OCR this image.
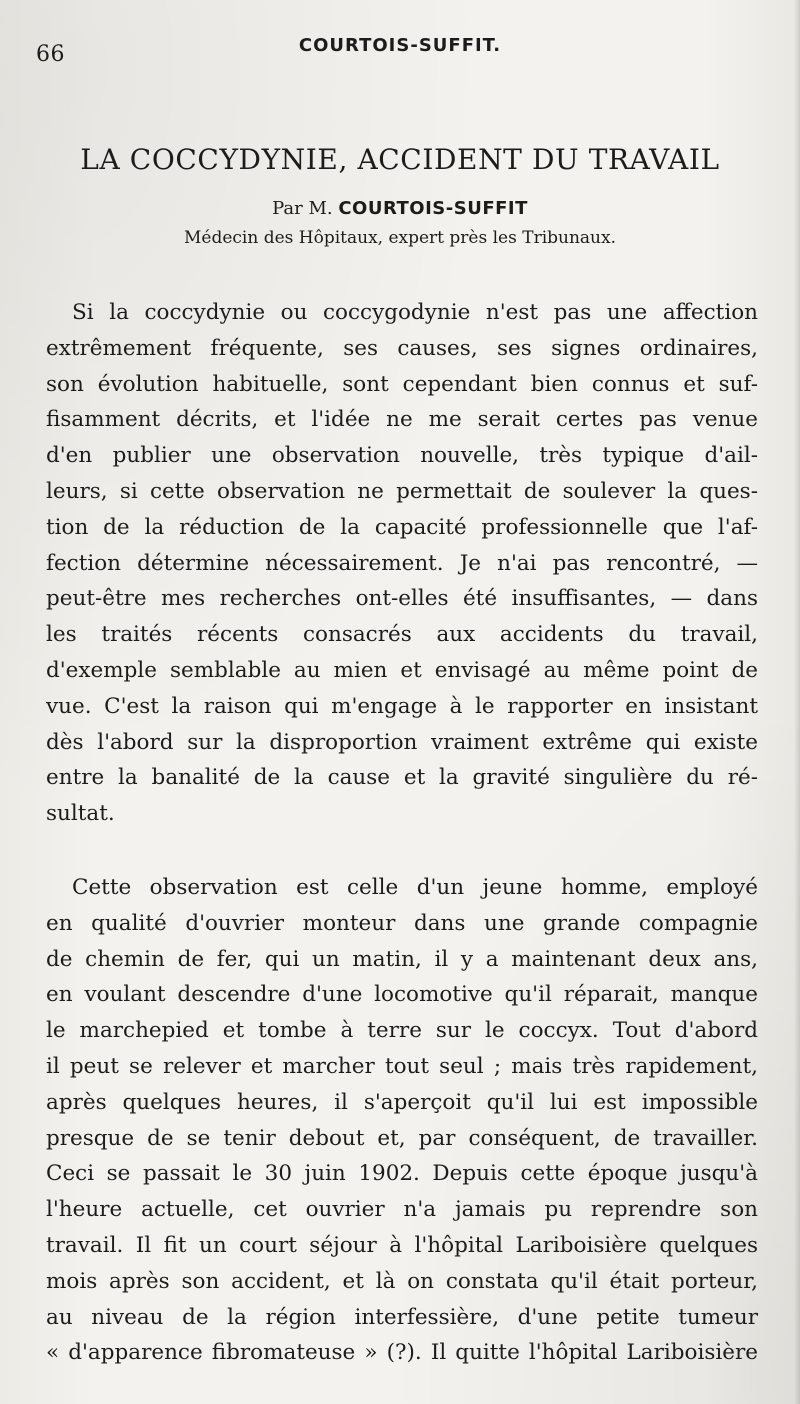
66	COURTOIS-SUFFIT.
LA COCCYDYNIE, ACCIDENT DU TRAVAIL
Par M. COURTOIS-SUFFIT
Médecin des Hôpitaux, expert près les Tribunaux.
Si la coccydynie ou coccygodynie n'est pas une affection
extrêmement fréquente, ses causes, ses signes ordinaires,
son évolution habituelle, sont cependant bien connus et suf-
fisamment décrits, et l'idée ne me serait certes pas venue
d'en publier une observation nouvelle, très typique d'ail-
leurs, si cette observation ne permettait de soulever la ques-
tion de la réduction de la capacité professionnelle que l'af-
fection détermine nécessairement. Je n'ai pas rencontré, —
peut-être mes recherches ont-elles été insuffisantes, — dans
les traités récents consacrés aux accidents du travail,
d'exemple semblable au mien et envisagé au même point de
vue. C'est la raison qui m'engage à le rapporter en insistant
dès l'abord sur la disproportion vraiment extrême qui existe
entre la banalité de la cause et la gravité singulière du ré-
sultat.
Cette observation est celle d'un jeune homme, employé
en qualité d'ouvrier monteur dans une grande compagnie
de chemin de fer, qui un matin, il y a maintenant deux ans,
en voulant descendre d'une locomotive qu'il réparait, manque
le marchepied et tombe à terre sur le coccyx. Tout d'abord
il peut se relever et marcher tout seul ; mais très rapidement,
après quelques heures, il s'aperçoit qu'il lui est impossible
presque de se tenir debout et, par conséquent, de travailler.
Ceci se passait le 30 juin 1902. Depuis cette époque jusqu'à
l'heure actuelle, cet ouvrier n'a jamais pu reprendre son
travail. Il fit un court séjour à l'hôpital Lariboisière quelques
mois après son accident, et là on constata qu'il était porteur,
au niveau de la région interfessière, d'une petite tumeur
« d'apparence fibromateuse » (?). Il quitte l'hôpital Lariboisière
